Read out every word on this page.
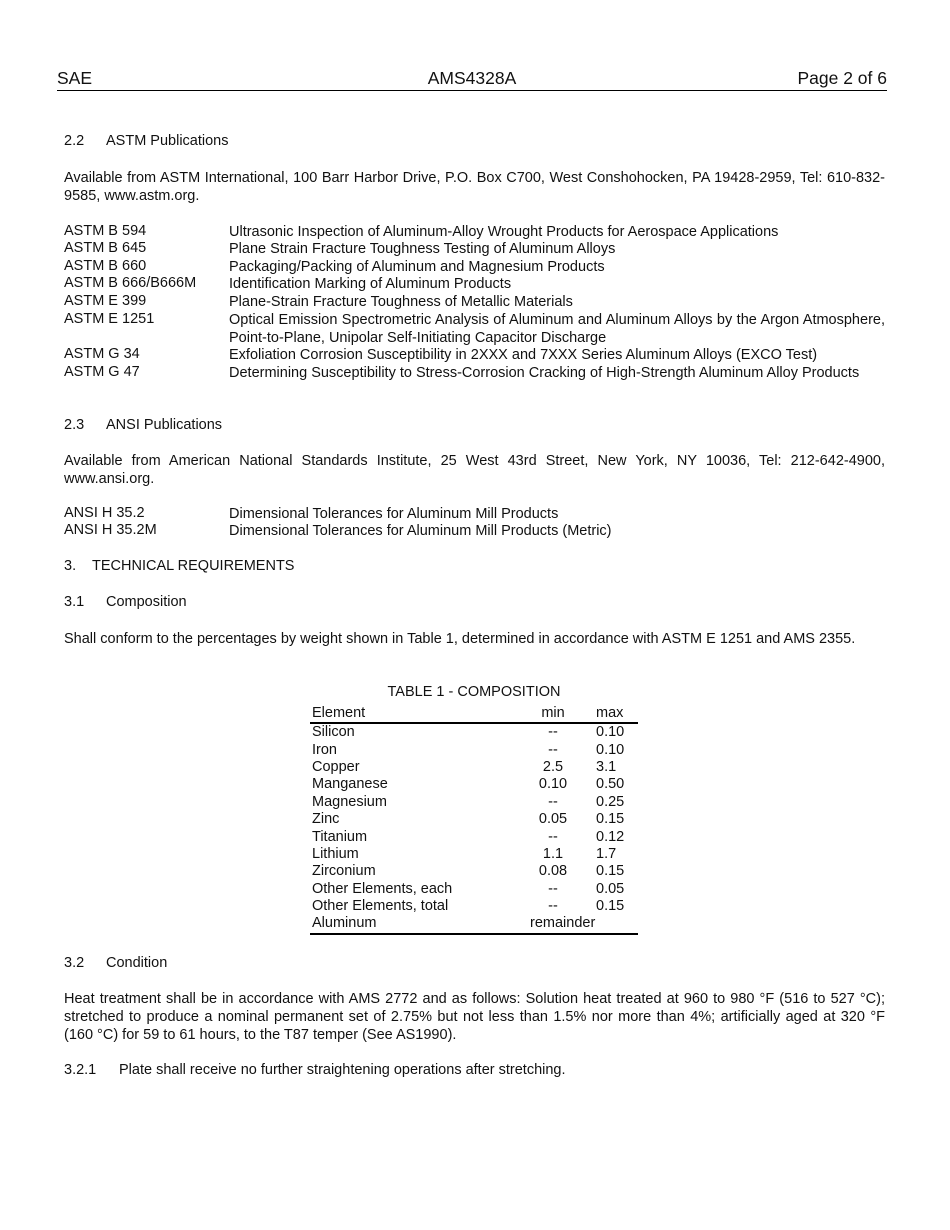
SAE	AMS4328A	Page 2 of 6
2.2 ASTM Publications
Available from ASTM International, 100 Barr Harbor Drive, P.O. Box C700, West Conshohocken, PA 19428-2959, Tel: 610-832-9585, www.astm.org.
ASTM B 594	Ultrasonic Inspection of Aluminum-Alloy Wrought Products for Aerospace Applications
ASTM B 645	Plane Strain Fracture Toughness Testing of Aluminum Alloys
ASTM B 660	Packaging/Packing of Aluminum and Magnesium Products
ASTM B 666/B666M Identification Marking of Aluminum Products
ASTM E 399	Plane-Strain Fracture Toughness of Metallic Materials
ASTM E 1251	Optical Emission Spectrometric Analysis of Aluminum and Aluminum Alloys by the Argon Atmosphere, Point-to-Plane, Unipolar Self-Initiating Capacitor Discharge
ASTM G 34	Exfoliation Corrosion Susceptibility in 2XXX and 7XXX Series Aluminum Alloys (EXCO Test)
ASTM G 47	Determining Susceptibility to Stress-Corrosion Cracking of High-Strength Aluminum Alloy Products
2.3 ANSI Publications
Available from American National Standards Institute, 25 West 43rd Street, New York, NY 10036, Tel: 212-642-4900, www.ansi.org.
ANSI H 35.2	Dimensional Tolerances for Aluminum Mill Products
ANSI H 35.2M	Dimensional Tolerances for Aluminum Mill Products (Metric)
3. TECHNICAL REQUIREMENTS
3.1 Composition
Shall conform to the percentages by weight shown in Table 1, determined in accordance with ASTM E 1251 and AMS 2355.
TABLE 1 - COMPOSITION
Element	min	max
Silicon	--	0.10
Iron	--	0.10
Copper	2.5	3.1
Manganese	0.10	0.50
Magnesium	--	0.25
Zinc	0.05	0.15
Titanium	--	0.12
Lithium	1.1	1.7
Zirconium	0.08	0.15
Other Elements, each	--	0.05
Other Elements, total	--	0.15
Aluminum	remainder	
3.2 Condition
Heat treatment shall be in accordance with AMS 2772 and as follows: Solution heat treated at 960 to 980 °F (516 to 527 °C); stretched to produce a nominal permanent set of 2.75% but not less than 1.5% nor more than 4%; artificially aged at 320 °F (160 °C) for 59 to 61 hours, to the T87 temper (See AS1990).
3.2.1 Plate shall receive no further straightening operations after stretching.
